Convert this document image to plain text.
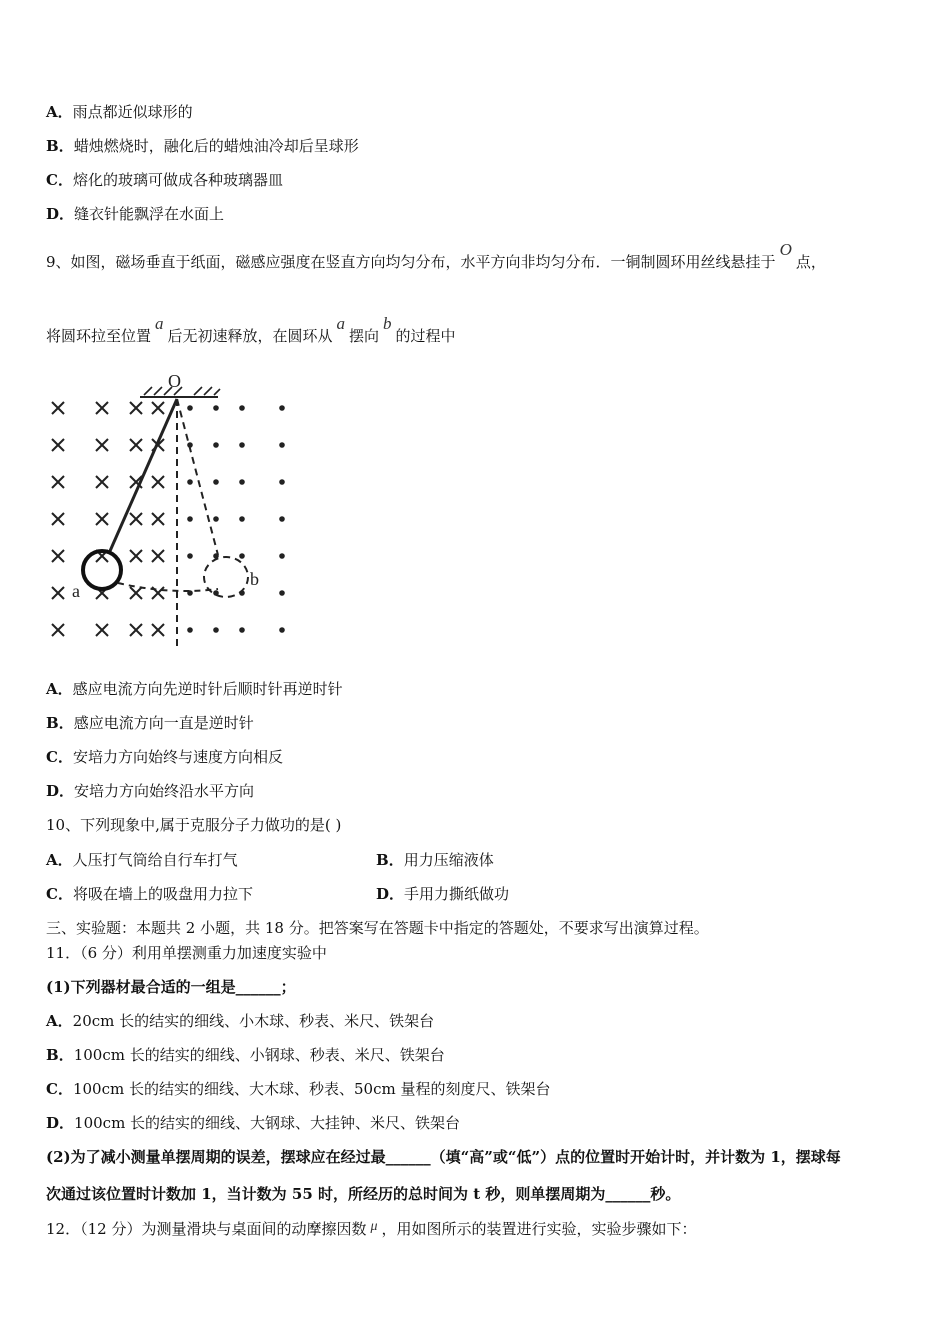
A．雨点都近似球形的
B．蜡烛燃烧时，融化后的蜡烛油冷却后呈球形
C．熔化的玻璃可做成各种玻璃器皿
D．缝衣针能飘浮在水面上
9、如图，磁场垂直于纸面，磁感应强度在竖直方向均匀分布，水平方向非均匀分布．一铜制圆环用丝线悬挂于O点，
将圆环拉至位置a后无初速释放，在圆环从a摆向b的过程中
O
a
b
A．感应电流方向先逆时针后顺时针再逆时针
B．感应电流方向一直是逆时针
C．安培力方向始终与速度方向相反
D．安培力方向始终沿水平方向
10、下列现象中,属于克服分子力做功的是( )
A．人压打气筒给自行车打气	B．用力压缩液体
C．将吸在墙上的吸盘用力拉下	D．手用力撕纸做功
三、实验题：本题共 2 小题，共 18 分。把答案写在答题卡中指定的答题处，不要求写出演算过程。
11．（6 分）利用单摆测重力加速度实验中
(1)下列器材最合适的一组是______；
A．20cm 长的结实的细线、小木球、秒表、米尺、铁架台
B．100cm 长的结实的细线、小钢球、秒表、米尺、铁架台
C．100cm 长的结实的细线、大木球、秒表、50cm 量程的刻度尺、铁架台
D．100cm 长的结实的细线、大钢球、大挂钟、米尺、铁架台
(2)为了减小测量单摆周期的误差，摆球应在经过最______（填“高”或“低”）点的位置时开始计时，并计数为 1，摆球每
次通过该位置时计数加 1，当计数为 55 时，所经历的总时间为 t 秒，则单摆周期为______秒。
12．（12 分）为测量滑块与桌面间的动摩擦因数 μ ，用如图所示的装置进行实验，实验步骤如下：
